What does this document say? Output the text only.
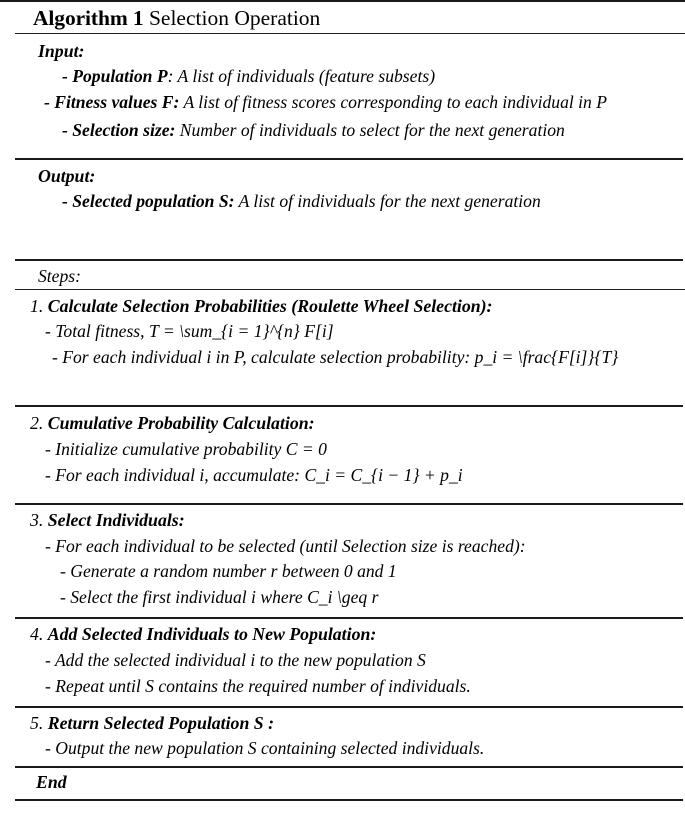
Algorithm 1 Selection Operation
Input:
- Population P: A list of individuals (feature subsets)
- Fitness values F: A list of fitness scores corresponding to each individual in P
- Selection size: Number of individuals to select for the next generation
Output:
- Selected population S: A list of individuals for the next generation
Steps:
1. Calculate Selection Probabilities (Roulette Wheel Selection):
- Total fitness, T = \sum_{i = 1}^{n} F[i]
- For each individual i in P, calculate selection probability: p_i = \frac{F[i]}{T}
2. Cumulative Probability Calculation:
- Initialize cumulative probability C = 0
- For each individual i, accumulate: C_i = C_{i − 1} + p_i
3. Select Individuals:
- For each individual to be selected (until Selection size is reached):
- Generate a random number r between 0 and 1
- Select the first individual i where C_i \geq r
4. Add Selected Individuals to New Population:
- Add the selected individual i to the new population S
- Repeat until S contains the required number of individuals.
5. Return Selected Population S :
- Output the new population S containing selected individuals.
End
